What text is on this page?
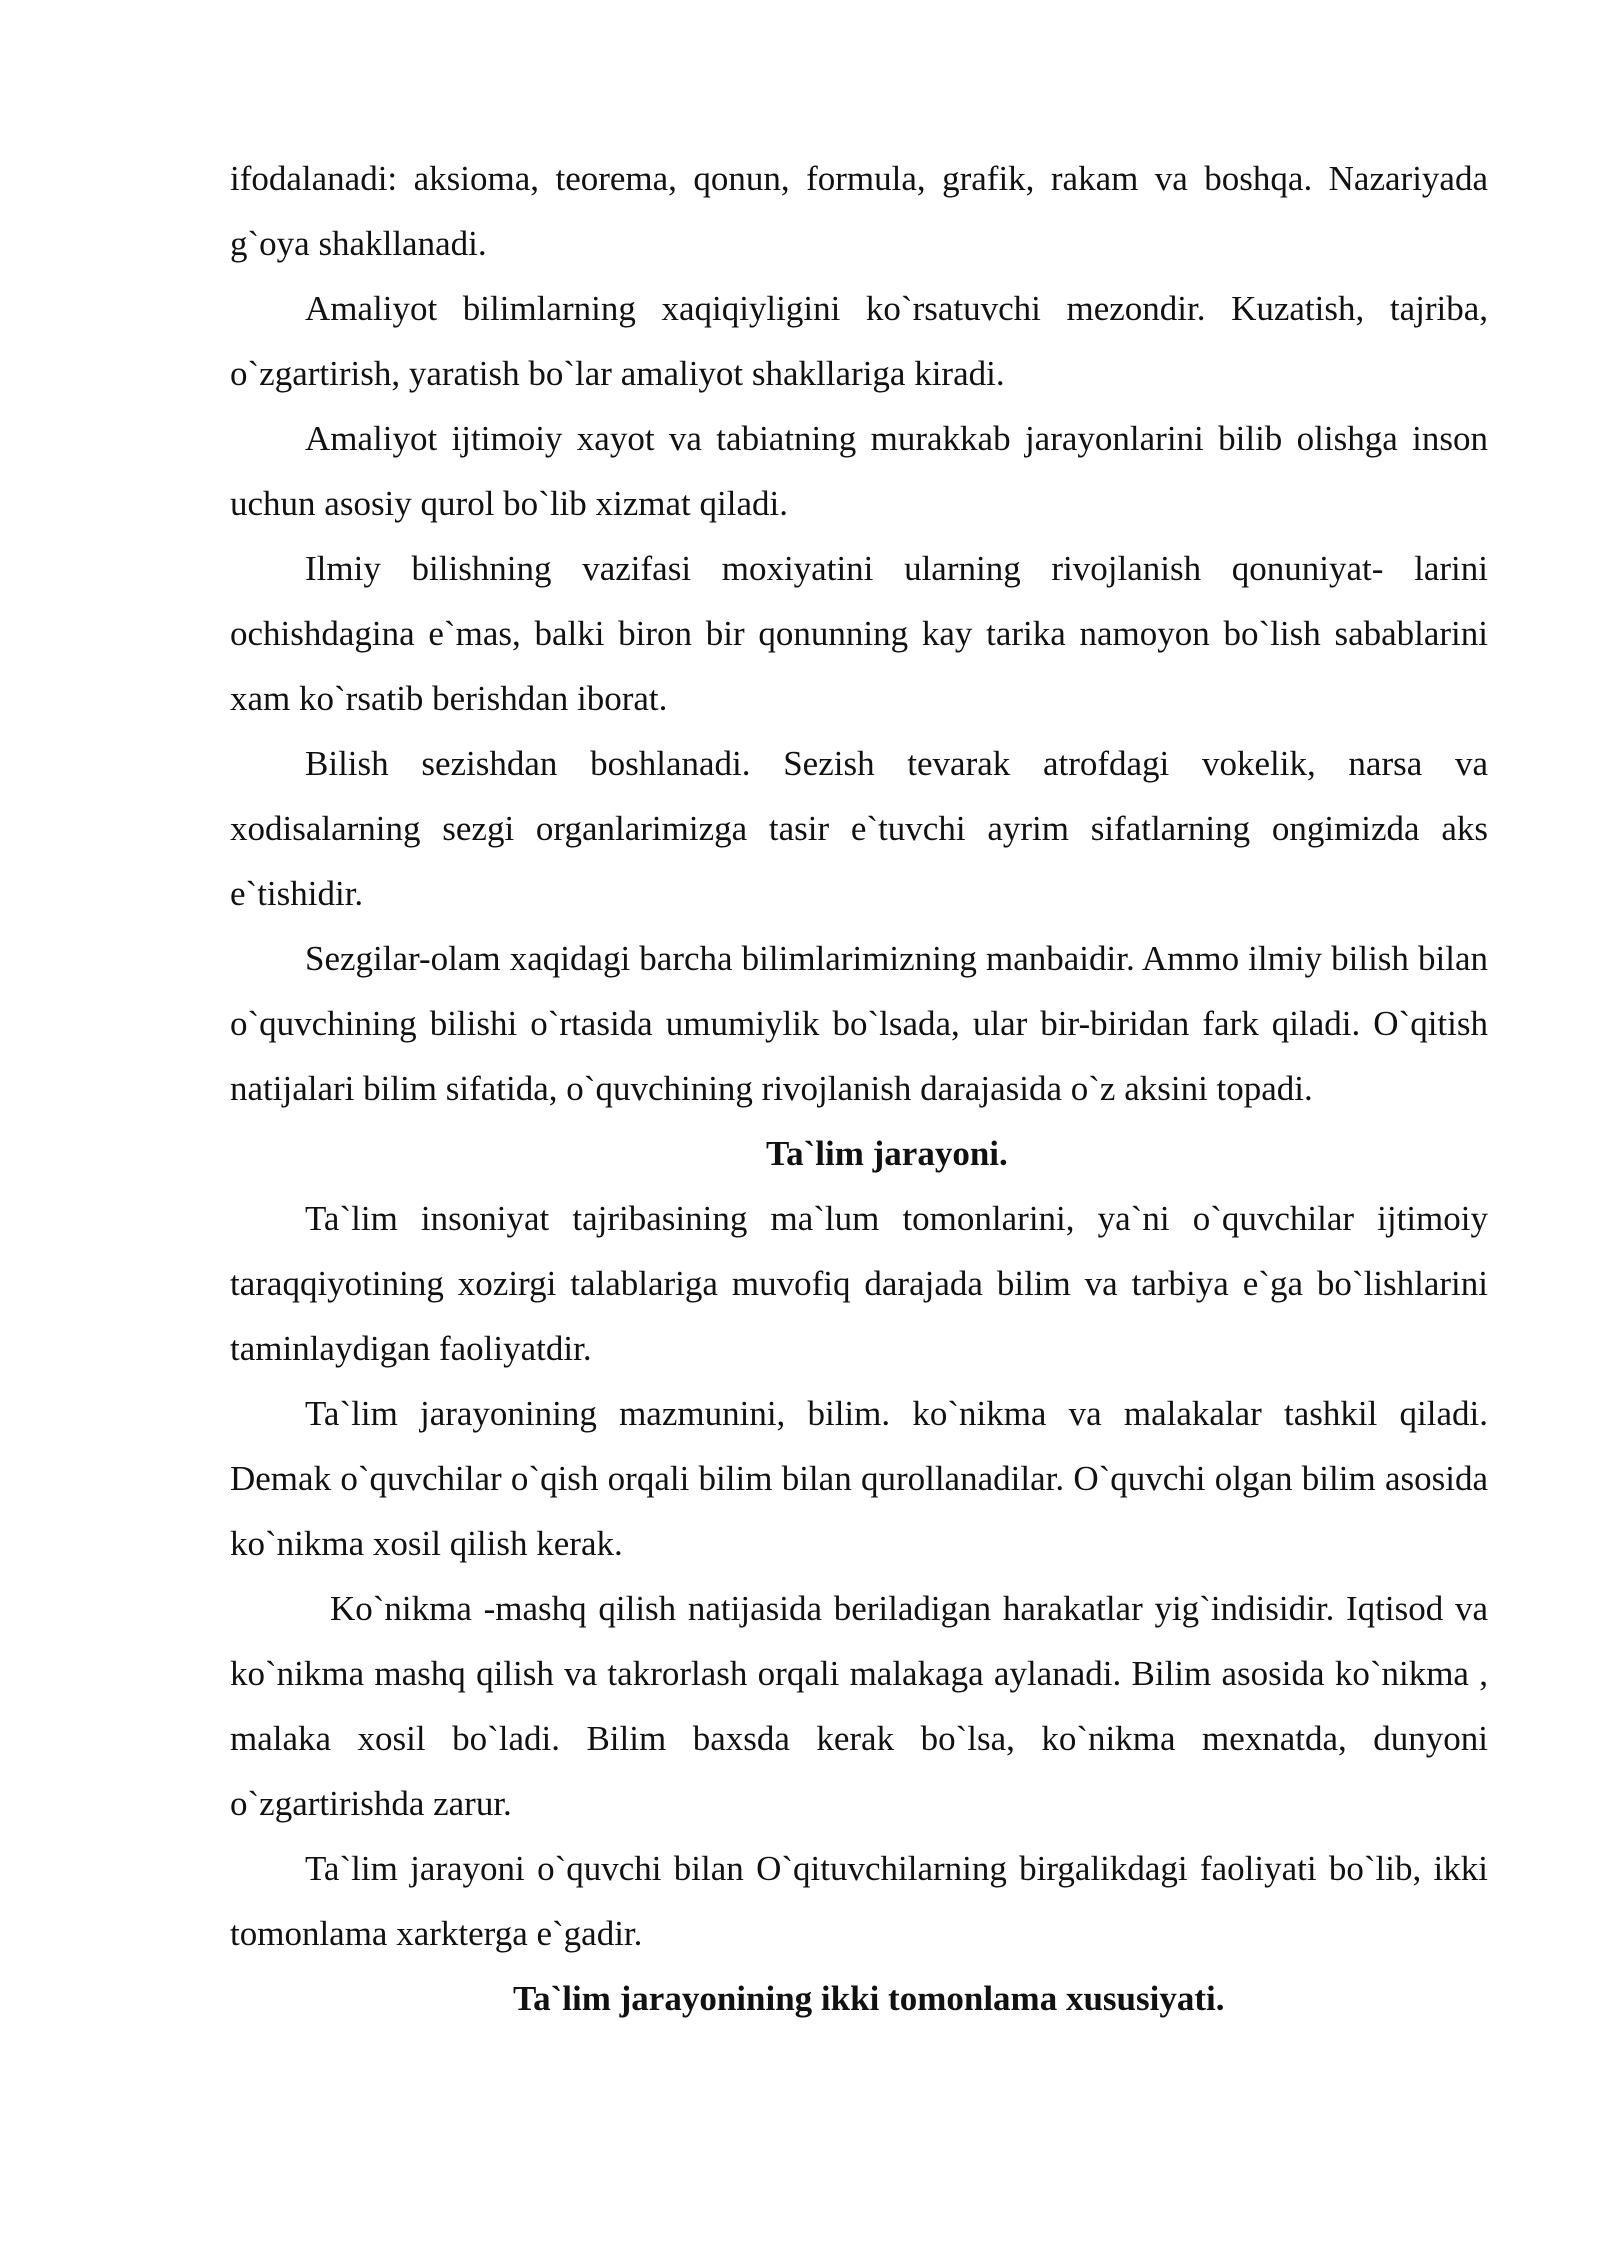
ifodalanadi: aksioma, teorema, qonun, formula, grafik, rakam va boshqa. Nazariyada g`oya shakllanadi.

Amaliyot bilimlarning xaqiqiyligini ko`rsatuvchi mezondir. Kuzatish, tajriba, o`zgartirish, yaratish bo`lar amaliyot shakllariga kiradi.

Amaliyot ijtimoiy xayot va tabiatning murakkab jarayonlarini bilib olishga inson uchun asosiy qurol bo`lib xizmat qiladi.

Ilmiy bilishning vazifasi moxiyatini ularning rivojlanish qonuniyat- larini ochishdagina e`mas, balki biron bir qonunning kay tarika namoyon bo`lish sabablarini xam ko`rsatib berishdan iborat.

Bilish sezishdan boshlanadi. Sezish tevarak atrofdagi vokelik, narsa va xodisalarning sezgi organlarimizga tasir e`tuvchi ayrim sifatlarning ongimizda aks e`tishidir.

Sezgilar-olam xaqidagi barcha bilimlarimizning manbaidir. Ammo ilmiy bilish bilan o`quvchining bilishi o`rtasida umumiylik bo`lsada, ular bir-biridan fark qiladi. O`qitish natijalari bilim sifatida, o`quvchining rivojlanish darajasida o`z aksini topadi.

Ta`lim jarayoni.

Ta`lim insoniyat tajribasining ma`lum tomonlarini, ya`ni o`quvchilar ijtimoiy taraqqiyotining xozirgi talablariga muvofiq darajada bilim va tarbiya e`ga bo`lishlarini taminlaydigan faoliyatdir.

Ta`lim jarayonining mazmunini, bilim. ko`nikma va malakalar tashkil qiladi. Demak o`quvchilar o`qish orqali bilim bilan qurollanadilar. O`quvchi olgan bilim asosida ko`nikma xosil qilish kerak.

Ko`nikma -mashq qilish natijasida beriladigan harakatlar yig`indisidir. Iqtisod va ko`nikma mashq qilish va takrorlash orqali malakaga aylanadi. Bilim asosida ko`nikma , malaka xosil bo`ladi. Bilim baxsda kerak bo`lsa, ko`nikma mexnatda, dunyoni o`zgartirishda zarur.

Ta`lim jarayoni o`quvchi bilan O`qituvchilarning birgalikdagi faoliyati bo`lib, ikki tomonlama xarkterga e`gadir.

Ta`lim jarayonining ikki tomonlama xususiyati.
